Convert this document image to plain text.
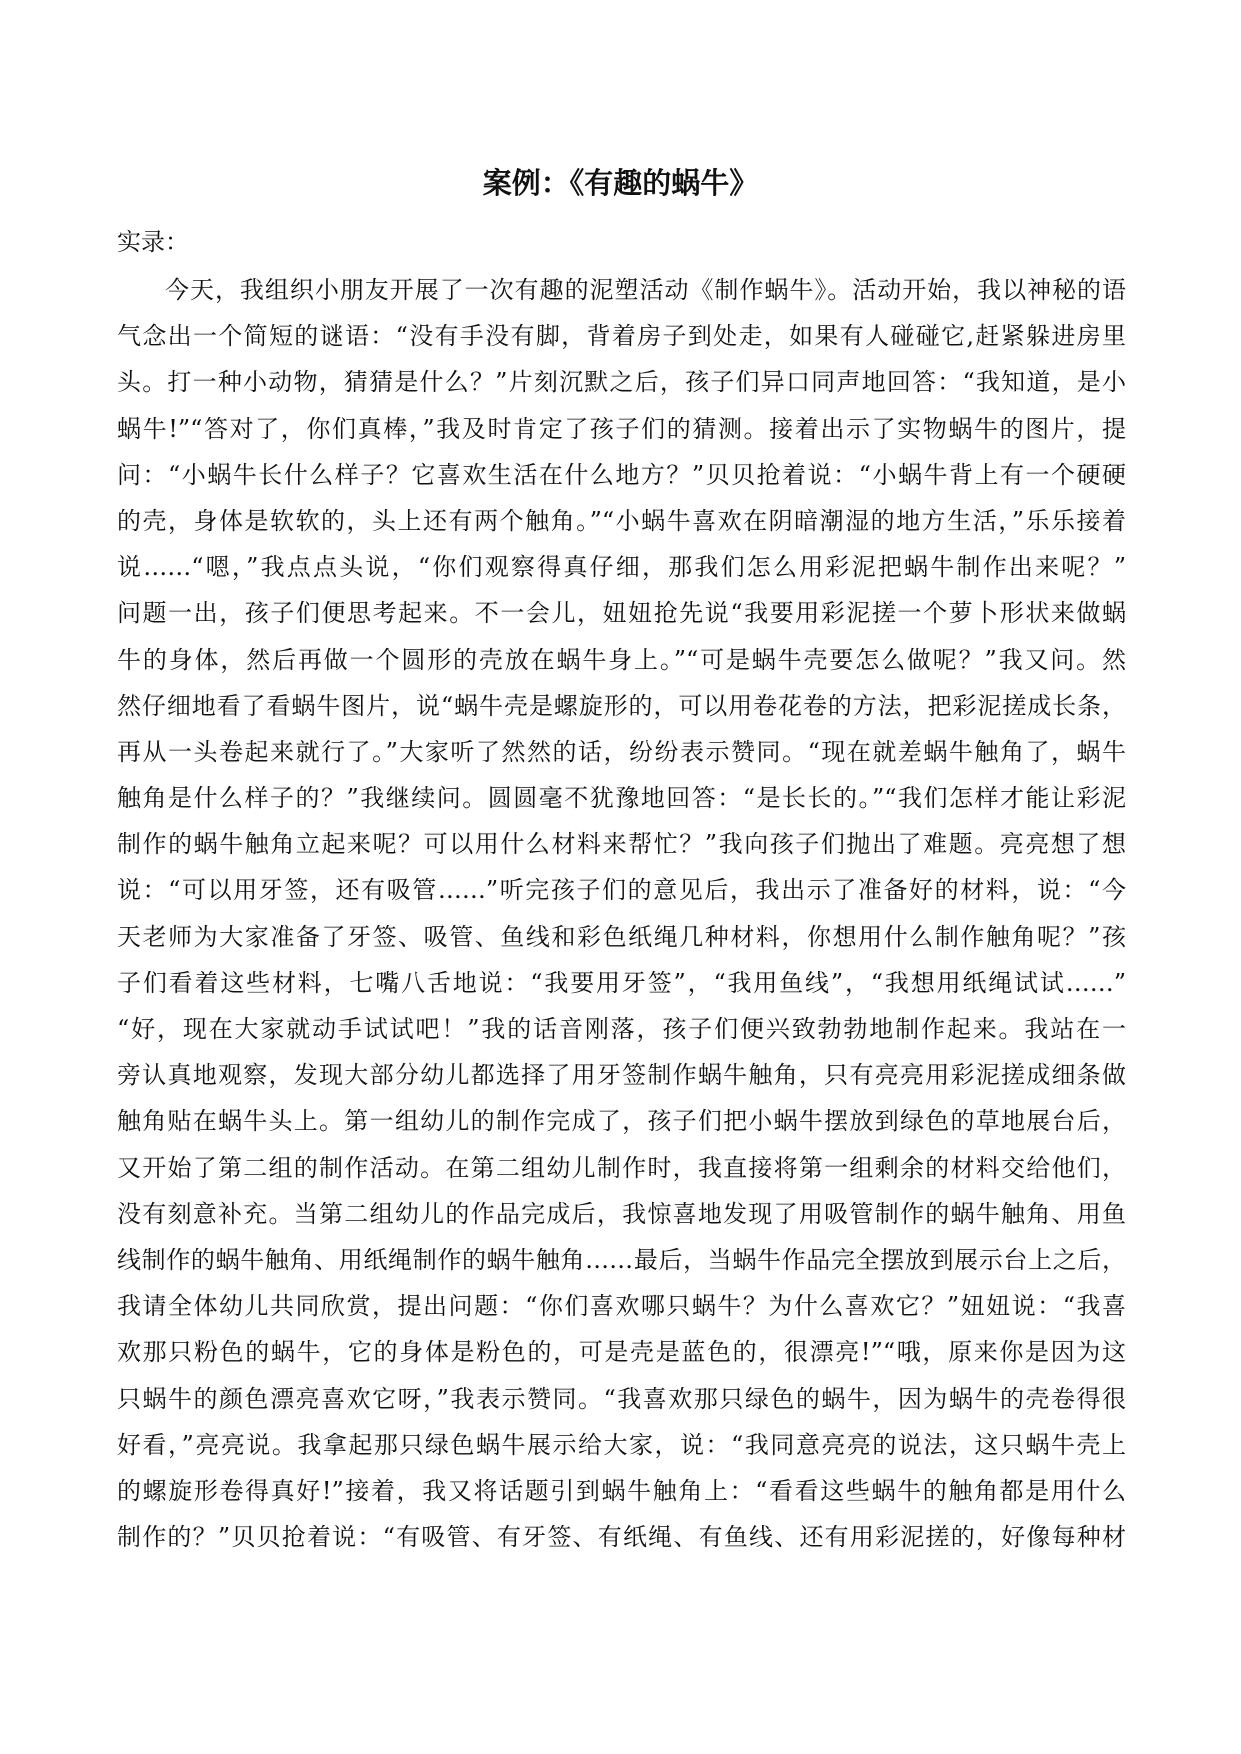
案例：《有趣的蜗牛》

实录：

今天，我组织小朋友开展了一次有趣的泥塑活动《制作蜗牛》。活动开始，我以神秘的语
气念出一个简短的谜语：“没有手没有脚，背着房子到处走，如果有人碰碰它,赶紧躲进房里
头。打一种小动物，猜猜是什么？”片刻沉默之后，孩子们异口同声地回答：“我知道，是小
蜗牛!”“答对了，你们真棒，”我及时肯定了孩子们的猜测。接着出示了实物蜗牛的图片，提
问：“小蜗牛长什么样子？它喜欢生活在什么地方？”贝贝抢着说：“小蜗牛背上有一个硬硬
的壳，身体是软软的，头上还有两个触角。”“小蜗牛喜欢在阴暗潮湿的地方生活，”乐乐接着
说……“嗯，”我点点头说，“你们观察得真仔细，那我们怎么用彩泥把蜗牛制作出来呢？”
问题一出，孩子们便思考起来。不一会儿，妞妞抢先说“我要用彩泥搓一个萝卜形状来做蜗
牛的身体，然后再做一个圆形的壳放在蜗牛身上。”“可是蜗牛壳要怎么做呢？”我又问。然
然仔细地看了看蜗牛图片，说“蜗牛壳是螺旋形的，可以用卷花卷的方法，把彩泥搓成长条，
再从一头卷起来就行了。”大家听了然然的话，纷纷表示赞同。“现在就差蜗牛触角了，蜗牛
触角是什么样子的？”我继续问。圆圆毫不犹豫地回答：“是长长的。”“我们怎样才能让彩泥
制作的蜗牛触角立起来呢？可以用什么材料来帮忙？”我向孩子们抛出了难题。亮亮想了想
说：“可以用牙签，还有吸管……”听完孩子们的意见后，我出示了准备好的材料，说：“今
天老师为大家准备了牙签、吸管、鱼线和彩色纸绳几种材料，你想用什么制作触角呢？”孩
子们看着这些材料，七嘴八舌地说：“我要用牙签”，“我用鱼线”，“我想用纸绳试试……”
“好，现在大家就动手试试吧！”我的话音刚落，孩子们便兴致勃勃地制作起来。我站在一
旁认真地观察，发现大部分幼儿都选择了用牙签制作蜗牛触角，只有亮亮用彩泥搓成细条做
触角贴在蜗牛头上。第一组幼儿的制作完成了，孩子们把小蜗牛摆放到绿色的草地展台后，
又开始了第二组的制作活动。在第二组幼儿制作时，我直接将第一组剩余的材料交给他们，
没有刻意补充。当第二组幼儿的作品完成后，我惊喜地发现了用吸管制作的蜗牛触角、用鱼
线制作的蜗牛触角、用纸绳制作的蜗牛触角……最后，当蜗牛作品完全摆放到展示台上之后，
我请全体幼儿共同欣赏，提出问题：“你们喜欢哪只蜗牛？为什么喜欢它？”妞妞说：“我喜
欢那只粉色的蜗牛，它的身体是粉色的，可是壳是蓝色的，很漂亮!”“哦，原来你是因为这
只蜗牛的颜色漂亮喜欢它呀，”我表示赞同。“我喜欢那只绿色的蜗牛，因为蜗牛的壳卷得很
好看，”亮亮说。我拿起那只绿色蜗牛展示给大家，说：“我同意亮亮的说法，这只蜗牛壳上
的螺旋形卷得真好!”接着，我又将话题引到蜗牛触角上：“看看这些蜗牛的触角都是用什么
制作的？”贝贝抢着说：“有吸管、有牙签、有纸绳、有鱼线、还有用彩泥搓的，好像每种材
